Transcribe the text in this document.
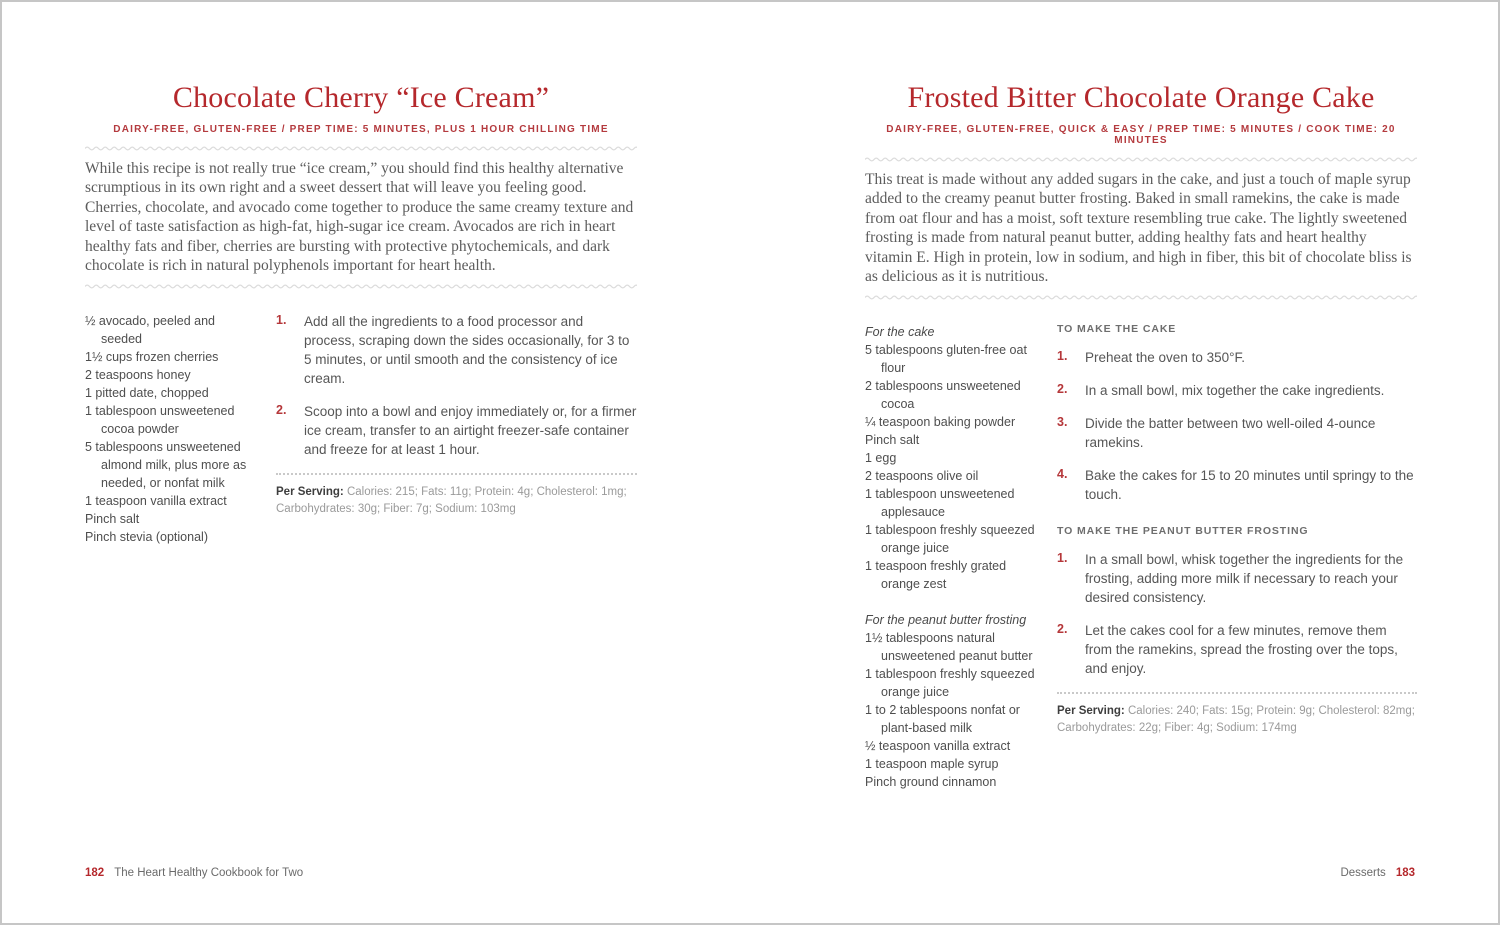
Chocolate Cherry “Ice Cream”
DAIRY-FREE, GLUTEN-FREE / PREP TIME: 5 MINUTES, PLUS 1 HOUR CHILLING TIME

While this recipe is not really true “ice cream,” you should find this healthy alternative scrumptious in its own right and a sweet dessert that will leave you feeling good. Cherries, chocolate, and avocado come together to produce the same creamy texture and level of taste satisfaction as high-fat, high-sugar ice cream. Avocados are rich in heart healthy fats and fiber, cherries are bursting with protective phytochemicals, and dark chocolate is rich in natural polyphenols important for heart health.

½ avocado, peeled and seeded
1½ cups frozen cherries
2 teaspoons honey
1 pitted date, chopped
1 tablespoon unsweetened cocoa powder
5 tablespoons unsweetened almond milk, plus more as needed, or nonfat milk
1 teaspoon vanilla extract
Pinch salt
Pinch stevia (optional)
1. Add all the ingredients to a food processor and process, scraping down the sides occasionally, for 3 to 5 minutes, or until smooth and the consistency of ice cream.
2. Scoop into a bowl and enjoy immediately or, for a firmer ice cream, transfer to an airtight freezer-safe container and freeze for at least 1 hour.

Per Serving: Calories: 215; Fats: 11g; Protein: 4g; Cholesterol: 1mg; Carbohydrates: 30g; Fiber: 7g; Sodium: 103mg

182 The Heart Healthy Cookbook for Two
Frosted Bitter Chocolate Orange Cake
DAIRY-FREE, GLUTEN-FREE, QUICK & EASY / PREP TIME: 5 MINUTES / COOK TIME: 20 MINUTES

This treat is made without any added sugars in the cake, and just a touch of maple syrup added to the creamy peanut butter frosting. Baked in small ramekins, the cake is made from oat flour and has a moist, soft texture resembling true cake. The lightly sweetened frosting is made from natural peanut butter, adding healthy fats and heart healthy vitamin E. High in protein, low in sodium, and high in fiber, this bit of chocolate bliss is as delicious as it is nutritious.

For the cake
5 tablespoons gluten-free oat flour
2 tablespoons unsweetened cocoa
¼ teaspoon baking powder
Pinch salt
1 egg
2 teaspoons olive oil
1 tablespoon unsweetened applesauce
1 tablespoon freshly squeezed orange juice
1 teaspoon freshly grated orange zest
For the peanut butter frosting
1½ tablespoons natural unsweetened peanut butter
1 tablespoon freshly squeezed orange juice
1 to 2 tablespoons nonfat or plant-based milk
½ teaspoon vanilla extract
1 teaspoon maple syrup
Pinch ground cinnamon
TO MAKE THE CAKE
1. Preheat the oven to 350°F.
2. In a small bowl, mix together the cake ingredients.
3. Divide the batter between two well-oiled 4-ounce ramekins.
4. Bake the cakes for 15 to 20 minutes until springy to the touch.
TO MAKE THE PEANUT BUTTER FROSTING
1. In a small bowl, whisk together the ingredients for the frosting, adding more milk if necessary to reach your desired consistency.
2. Let the cakes cool for a few minutes, remove them from the ramekins, spread the frosting over the tops, and enjoy.

Per Serving: Calories: 240; Fats: 15g; Protein: 9g; Cholesterol: 82mg; Carbohydrates: 22g; Fiber: 4g; Sodium: 174mg

Desserts 183
